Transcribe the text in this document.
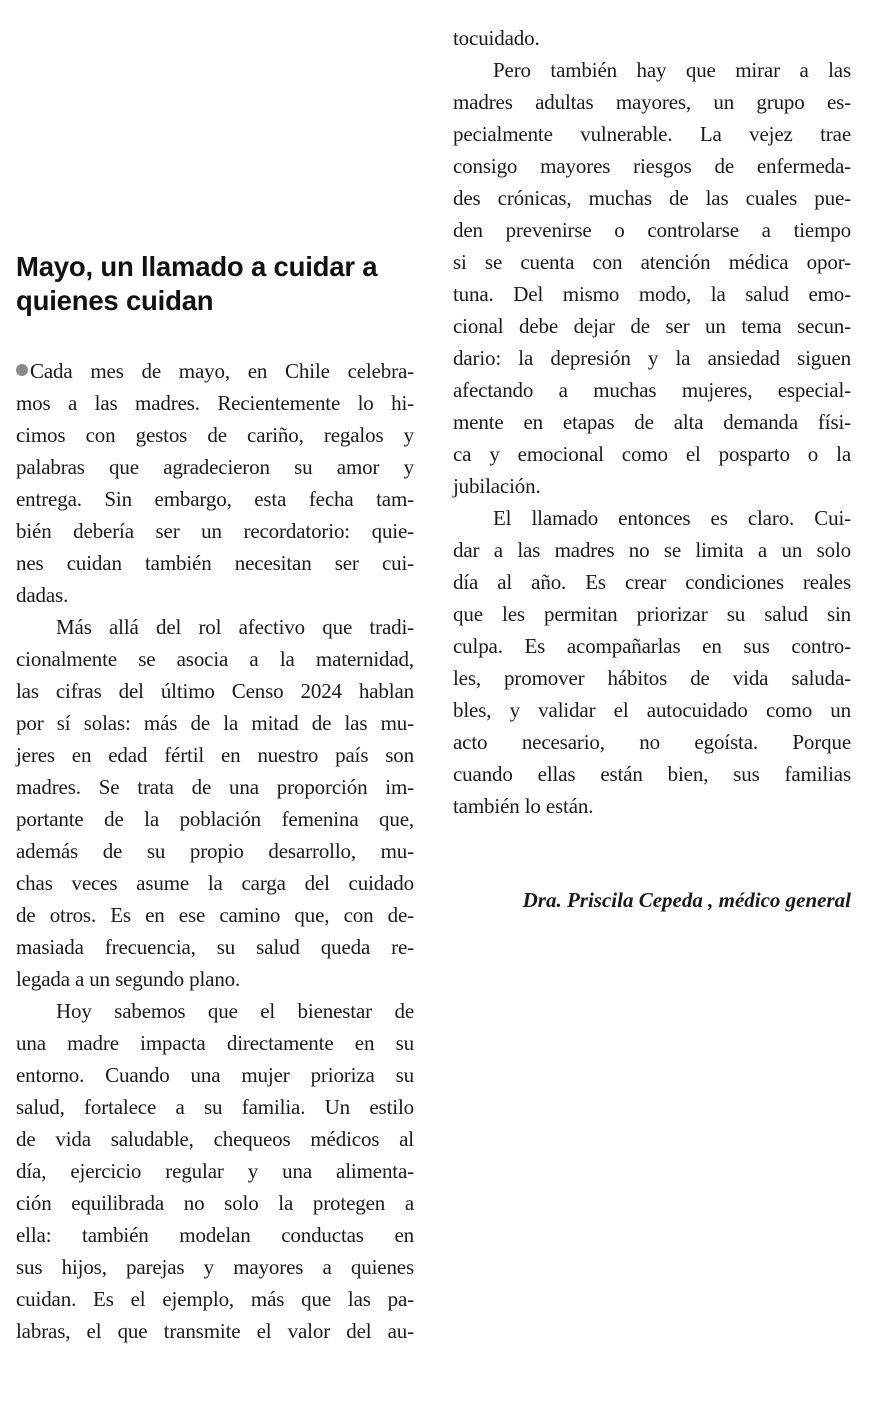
Mayo, un llamado a cuidar a
quienes cuidan
Cada mes de mayo, en Chile celebra-
mos a las madres. Recientemente lo hi-
cimos con gestos de cariño, regalos y
palabras que agradecieron su amor y
entrega. Sin embargo, esta fecha tam-
bién debería ser un recordatorio: quie-
nes cuidan también necesitan ser cui-
dadas.
Más allá del rol afectivo que tradi-
cionalmente se asocia a la maternidad,
las cifras del último Censo 2024 hablan
por sí solas: más de la mitad de las mu-
jeres en edad fértil en nuestro país son
madres. Se trata de una proporción im-
portante de la población femenina que,
además de su propio desarrollo, mu-
chas veces asume la carga del cuidado
de otros. Es en ese camino que, con de-
masiada frecuencia, su salud queda re-
legada a un segundo plano.
Hoy sabemos que el bienestar de
una madre impacta directamente en su
entorno. Cuando una mujer prioriza su
salud, fortalece a su familia. Un estilo
de vida saludable, chequeos médicos al
día, ejercicio regular y una alimenta-
ción equilibrada no solo la protegen a
ella: también modelan conductas en
sus hijos, parejas y mayores a quienes
cuidan. Es el ejemplo, más que las pa-
labras, el que transmite el valor del au-
tocuidado.
Pero también hay que mirar a las
madres adultas mayores, un grupo es-
pecialmente vulnerable. La vejez trae
consigo mayores riesgos de enfermeda-
des crónicas, muchas de las cuales pue-
den prevenirse o controlarse a tiempo
si se cuenta con atención médica opor-
tuna. Del mismo modo, la salud emo-
cional debe dejar de ser un tema secun-
dario: la depresión y la ansiedad siguen
afectando a muchas mujeres, especial-
mente en etapas de alta demanda físi-
ca y emocional como el posparto o la
jubilación.
El llamado entonces es claro. Cui-
dar a las madres no se limita a un solo
día al año. Es crear condiciones reales
que les permitan priorizar su salud sin
culpa. Es acompañarlas en sus contro-
les, promover hábitos de vida saluda-
bles, y validar el autocuidado como un
acto necesario, no egoísta. Porque
cuando ellas están bien, sus familias
también lo están.

Dra. Priscila Cepeda , médico general
